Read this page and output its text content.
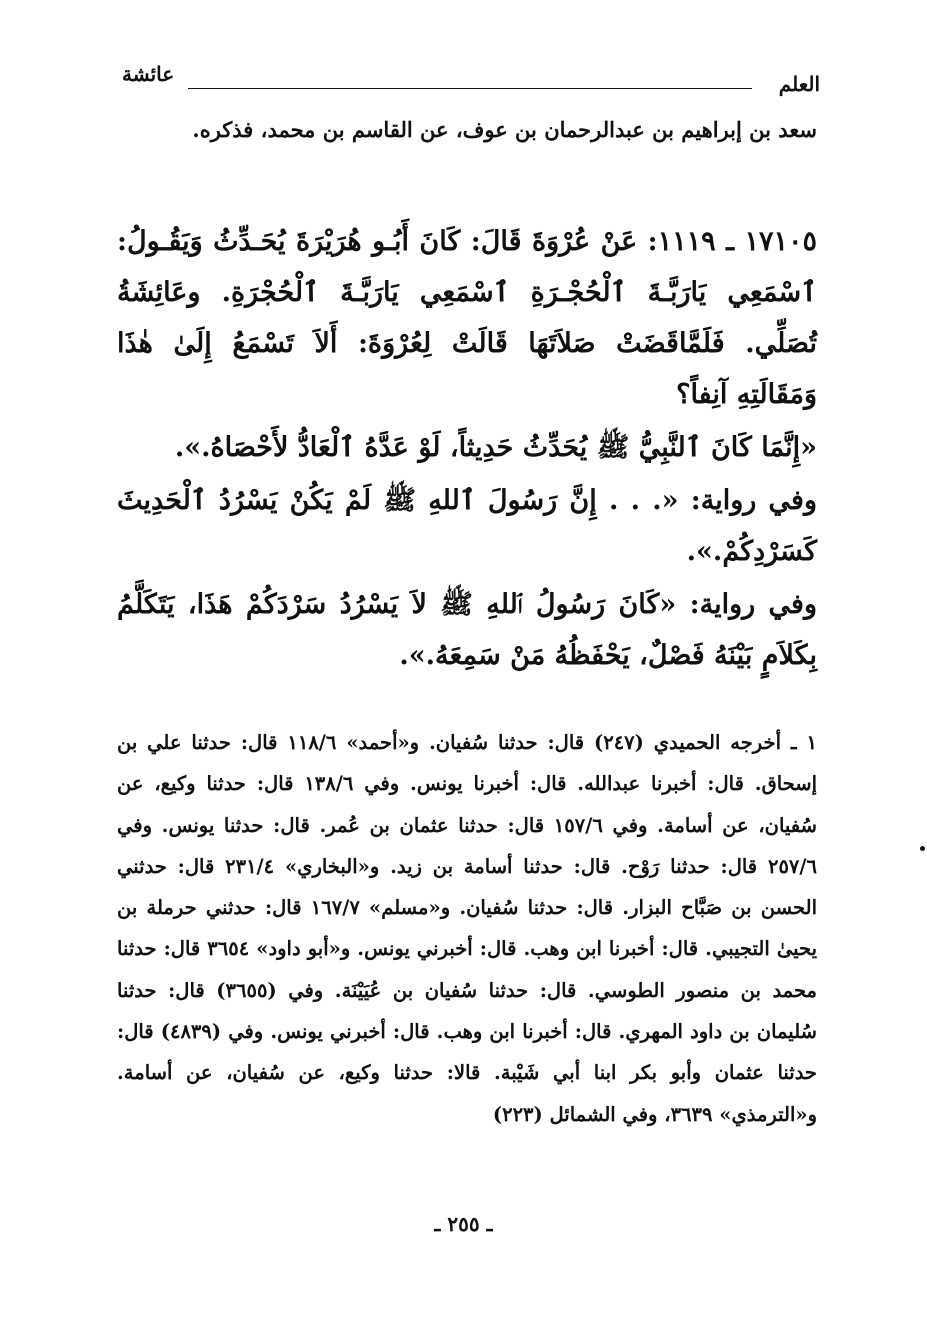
العلم
عائشة
سعد بن إبراهيم بن عبدالرحمان بن عوف، عن القاسم بن محمد، فذكره.

١٧١٠٥ ـ ١١١٩: عَنْ عُرْوَةَ قَالَ: كَانَ أَبُـو هُرَيْرَةَ يُحَـدِّثُ وَيَقُـولُ: ٱسْمَعِي يَارَبَّـةَ ٱلْحُجْـرَةِ ٱسْمَعِي يَارَبَّـةَ ٱلْحُجْرَةِ. وعَائِشَةُ تُصَلِّي. فَلَمَّاقَضَتْ صَلاَتَهَا قَالَتْ لِعُرْوَةَ: أَلاَ تَسْمَعُ إِلَىٰ هٰذَا وَمَقَالَتِهِ آنِفاً؟

«إِنَّمَا كَانَ ٱلنَّبِيُّ ﷺ يُحَدِّثُ حَدِيثاً، لَوْ عَدَّهُ ٱلْعَادُّ لأَحْصَاهُ.».

وفي رواية: «. . . إِنَّ رَسُولَ ٱللهِ ﷺ لَمْ يَكُنْ يَسْرُدُ ٱلْحَدِيثَ كَسَرْدِكُمْ.».

وفي رواية: «كَانَ رَسُولُ ٱللهِ ﷺ لاَ يَسْرُدُ سَرْدَكُمْ هَذَا، يَتَكَلَّمُ بِكَلاَمٍ بَيْنَهُ فَصْلٌ، يَحْفَظُهُ مَنْ سَمِعَهُ.».

١ ـ أخرجه الحميدي (٢٤٧) قال: حدثنا سُفيان. و«أحمد» ١١٨/٦ قال: حدثنا علي بن إسحاق. قال: أخبرنا عبدالله. قال: أخبرنا يونس. وفي ١٣٨/٦ قال: حدثنا وكيع، عن سُفيان، عن أسامة. وفي ١٥٧/٦ قال: حدثنا عثمان بن عُمر. قال: حدثنا يونس. وفي ٢٥٧/٦ قال: حدثنا رَوْح. قال: حدثنا أسامة بن زيد. و«البخاري» ٢٣١/٤ قال: حدثني الحسن بن صَبَّاح البزار. قال: حدثنا سُفيان. و«مسلم» ١٦٧/٧ قال: حدثني حرملة بن يحيىٰ التجيبي. قال: أخبرنا ابن وهب. قال: أخبرني يونس. و«أبو داود» ٣٦٥٤ قال: حدثنا محمد بن منصور الطوسي. قال: حدثنا سُفيان بن عُيَيْنَة. وفي (٣٦٥٥) قال: حدثنا سُليمان بن داود المهري. قال: أخبرنا ابن وهب. قال: أخبرني يونس. وفي (٤٨٣٩) قال: حدثنا عثمان وأبو بكر ابنا أبي شَيْبة. قالا: حدثنا وكيع، عن سُفيان، عن أسامة. و«الترمذي» ٣٦٣٩، وفي الشمائل (٢٢٣)

ـ ٢٥٥ ـ
